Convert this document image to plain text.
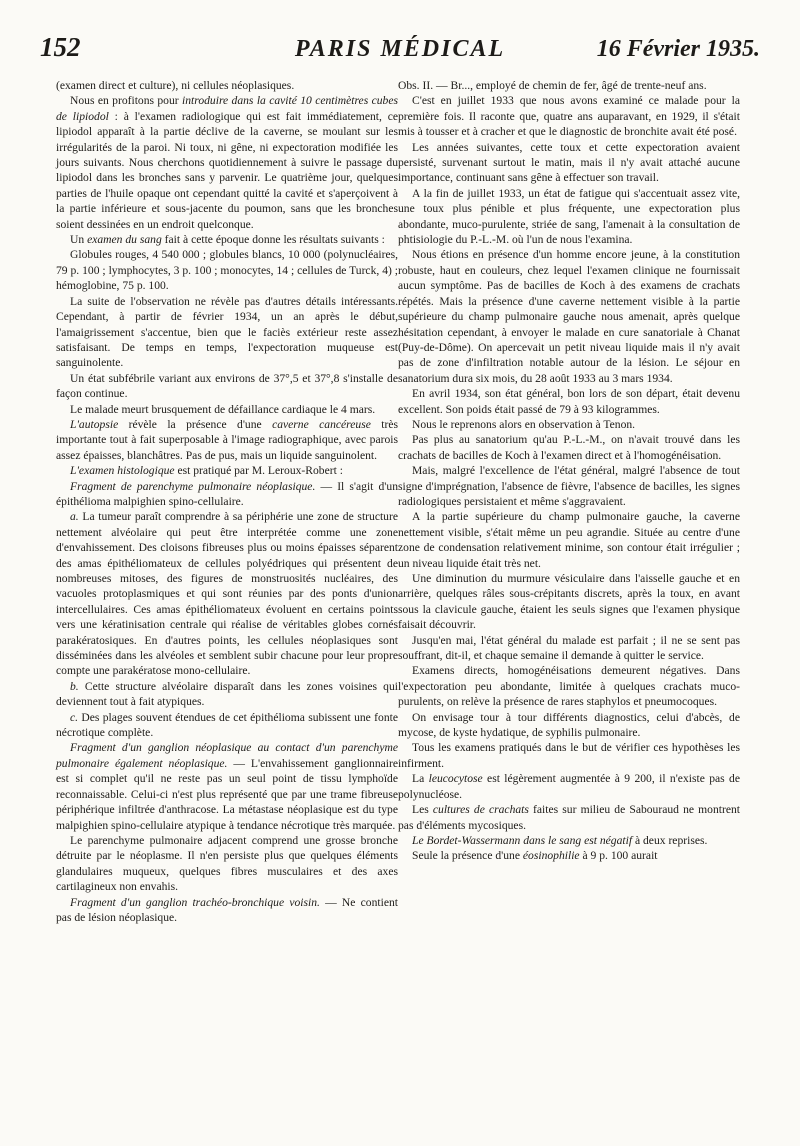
152	PARIS MÉDICAL	16 Février 1935.

(examen direct et culture), ni cellules néoplasiques.

Nous en profitons pour introduire dans la cavité 10 centimètres cubes de lipiodol : à l'examen radiologique qui est fait immédiatement, ce lipiodol apparaît à la partie déclive de la caverne, se moulant sur les irrégularités de la paroi. Ni toux, ni gêne, ni expectoration modifiée les jours suivants. Nous cherchons quotidiennement à suivre le passage du lipiodol dans les bronches sans y parvenir. Le quatrième jour, quelques parties de l'huile opaque ont cependant quitté la cavité et s'aperçoivent à la partie inférieure et sous-jacente du poumon, sans que les bronches soient dessinées en un endroit quelconque.

Un examen du sang fait à cette époque donne les résultats suivants :

Globules rouges, 4 540 000 ; globules blancs, 10 000 (polynucléaires, 79 p. 100 ; lymphocytes, 3 p. 100 ; monocytes, 14 ; cellules de Turck, 4) ; hémoglobine, 75 p. 100.

La suite de l'observation ne révèle pas d'autres détails intéressants. Cependant, à partir de février 1934, un an après le début, l'amaigrissement s'accentue, bien que le faciès extérieur reste assez satisfaisant. De temps en temps, l'expectoration muqueuse est sanguinolente.

Un état subfébrile variant aux environs de 37°,5 et 37°,8 s'installe de façon continue.

Le malade meurt brusquement de défaillance cardiaque le 4 mars.

L'autopsie révèle la présence d'une caverne cancéreuse très importante tout à fait superposable à l'image radiographique, avec parois assez épaisses, blanchâtres. Pas de pus, mais un liquide sanguinolent.

L'examen histologique est pratiqué par M. Leroux-Robert :

Fragment de parenchyme pulmonaire néoplasique. — Il s'agit d'un épithélioma malpighien spino-cellulaire.

a. La tumeur paraît comprendre à sa périphérie une zone de structure nettement alvéolaire qui peut être interprétée comme une zone d'envahissement. Des cloisons fibreuses plus ou moins épaisses séparent des amas épithéliomateux de cellules polyédriques qui présentent de nombreuses mitoses, des figures de monstruosités nucléaires, des vacuoles protoplasmiques et qui sont réunies par des ponts d'union intercellulaires. Ces amas épithéliomateux évoluent en certains points vers une kératinisation centrale qui réalise de véritables globes cornés parakératosiques. En d'autres points, les cellules néoplasiques sont disséminées dans les alvéoles et semblent subir chacune pour leur propre compte une parakératose mono-cellulaire.

b. Cette structure alvéolaire disparaît dans les zones voisines qui deviennent tout à fait atypiques.

c. Des plages souvent étendues de cet épithélioma subissent une fonte nécrotique complète.

Fragment d'un ganglion néoplasique au contact d'un parenchyme pulmonaire également néoplasique. — L'envahissement ganglionnaire est si complet qu'il ne reste pas un seul point de tissu lymphoïde reconnaissable. Celui-ci n'est plus représenté que par une trame fibreuse périphérique infiltrée d'anthracose. La métastase néoplasique est du type malpighien spino-cellulaire atypique à tendance nécrotique très marquée.

Le parenchyme pulmonaire adjacent comprend une grosse bronche détruite par le néoplasme. Il n'en persiste plus que quelques éléments glandulaires muqueux, quelques fibres musculaires et des axes cartilagineux non envahis.

Fragment d'un ganglion trachéo-bronchique voisin. — Ne contient pas de lésion néoplasique.

Obs. II. — Br..., employé de chemin de fer, âgé de trente-neuf ans.

C'est en juillet 1933 que nous avons examiné ce malade pour la première fois. Il raconte que, quatre ans auparavant, en 1929, il s'était mis à tousser et à cracher et que le diagnostic de bronchite avait été posé.

Les années suivantes, cette toux et cette expectoration avaient persisté, survenant surtout le matin, mais il n'y avait attaché aucune importance, continuant sans gêne à effectuer son travail.

A la fin de juillet 1933, un état de fatigue qui s'accentuait assez vite, une toux plus pénible et plus fréquente, une expectoration plus abondante, muco-purulente, striée de sang, l'amenait à la consultation de phtisiologie du P.-L.-M. où l'un de nous l'examina.

Nous étions en présence d'un homme encore jeune, à la constitution robuste, haut en couleurs, chez lequel l'examen clinique ne fournissait aucun symptôme. Pas de bacilles de Koch à des examens de crachats répétés. Mais la présence d'une caverne nettement visible à la partie supérieure du champ pulmonaire gauche nous amenait, après quelque hésitation cependant, à envoyer le malade en cure sanatoriale à Chanat (Puy-de-Dôme). On apercevait un petit niveau liquide mais il n'y avait pas de zone d'infiltration notable autour de la lésion. Le séjour en sanatorium dura six mois, du 28 août 1933 au 3 mars 1934.

En avril 1934, son état général, bon lors de son départ, était devenu excellent. Son poids était passé de 79 à 93 kilogrammes.

Nous le reprenons alors en observation à Tenon.

Pas plus au sanatorium qu'au P.-L.-M., on n'avait trouvé dans les crachats de bacilles de Koch à l'examen direct et à l'homogénéisation.

Mais, malgré l'excellence de l'état général, malgré l'absence de tout signe d'imprégnation, l'absence de fièvre, l'absence de bacilles, les signes radiologiques persistaient et même s'aggravaient.

A la partie supérieure du champ pulmonaire gauche, la caverne nettement visible, s'était même un peu agrandie. Située au centre d'une zone de condensation relativement minime, son contour était irrégulier ; un niveau liquide était très net.

Une diminution du murmure vésiculaire dans l'aisselle gauche et en arrière, quelques râles sous-crépitants discrets, après la toux, en avant sous la clavicule gauche, étaient les seuls signes que l'examen physique faisait découvrir.

Jusqu'en mai, l'état général du malade est parfait ; il ne se sent pas souffrant, dit-il, et chaque semaine il demande à quitter le service.

Examens directs, homogénéisations demeurent négatives. Dans l'expectoration peu abondante, limitée à quelques crachats muco-purulents, on relève la présence de rares staphylos et pneumocoques.

On envisage tour à tour différents diagnostics, celui d'abcès, de mycose, de kyste hydatique, de syphilis pulmonaire.

Tous les examens pratiqués dans le but de vérifier ces hypothèses les infirment.

La leucocytose est légèrement augmentée à 9 200, il n'existe pas de polynucléose.

Les cultures de crachats faites sur milieu de Sabouraud ne montrent pas d'éléments mycosiques.

Le Bordet-Wassermann dans le sang est négatif à deux reprises.

Seule la présence d'une éosinophilie à 9 p. 100 aurait
